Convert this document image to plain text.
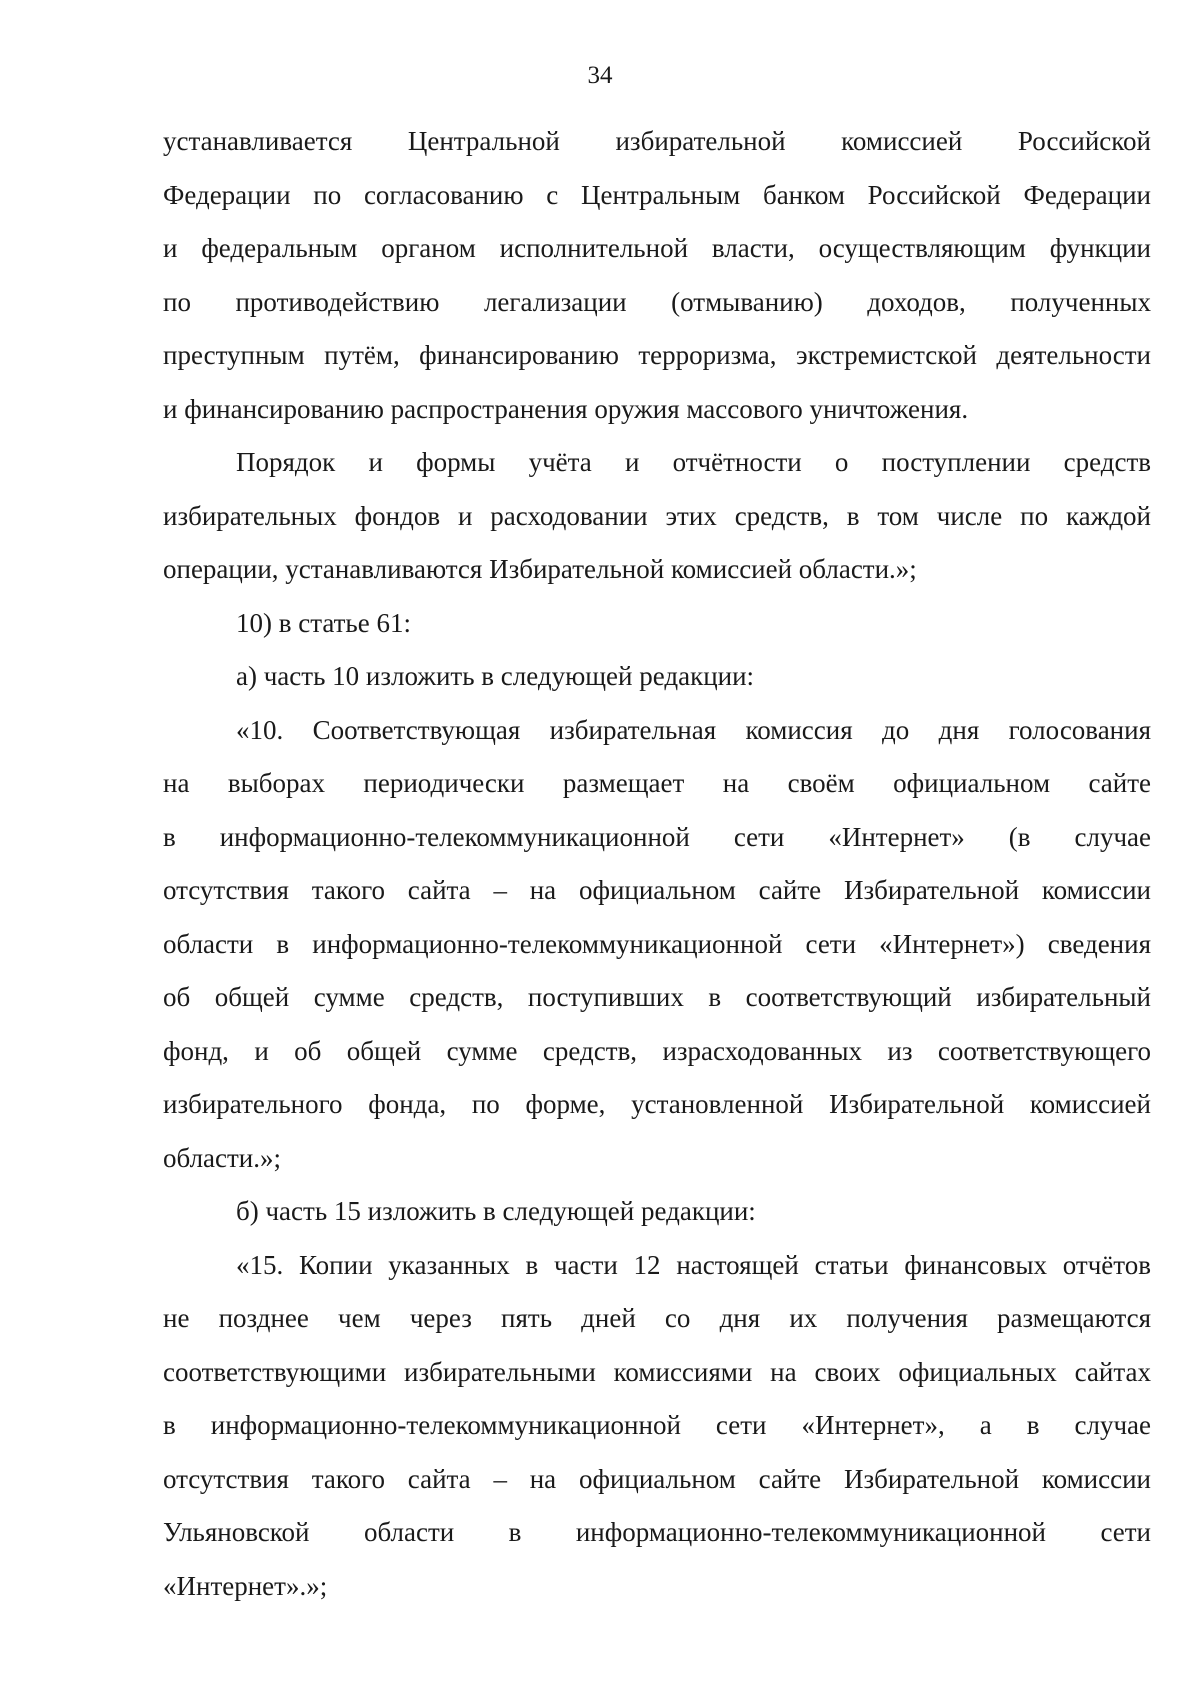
34
устанавливается Центральной избирательной комиссией Российской
Федерации по согласованию с Центральным банком Российской Федерации
и федеральным органом исполнительной власти, осуществляющим функции
по противодействию легализации (отмыванию) доходов, полученных
преступным путём, финансированию терроризма, экстремистской деятельности
и финансированию распространения оружия массового уничтожения.
Порядок и формы учёта и отчётности о поступлении средств
избирательных фондов и расходовании этих средств, в том числе по каждой
операции, устанавливаются Избирательной комиссией области.»;
10) в статье 61:
а) часть 10 изложить в следующей редакции:
«10. Соответствующая избирательная комиссия до дня голосования
на выборах периодически размещает на своём официальном сайте
в информационно-телекоммуникационной сети «Интернет» (в случае
отсутствия такого сайта – на официальном сайте Избирательной комиссии
области в информационно-телекоммуникационной сети «Интернет») сведения
об общей сумме средств, поступивших в соответствующий избирательный
фонд, и об общей сумме средств, израсходованных из соответствующего
избирательного фонда, по форме, установленной Избирательной комиссией
области.»;
б) часть 15 изложить в следующей редакции:
«15. Копии указанных в части 12 настоящей статьи финансовых отчётов
не позднее чем через пять дней со дня их получения размещаются
соответствующими избирательными комиссиями на своих официальных сайтах
в информационно-телекоммуникационной сети «Интернет», а в случае
отсутствия такого сайта – на официальном сайте Избирательной комиссии
Ульяновской области в информационно-телекоммуникационной сети
«Интернет».»;
